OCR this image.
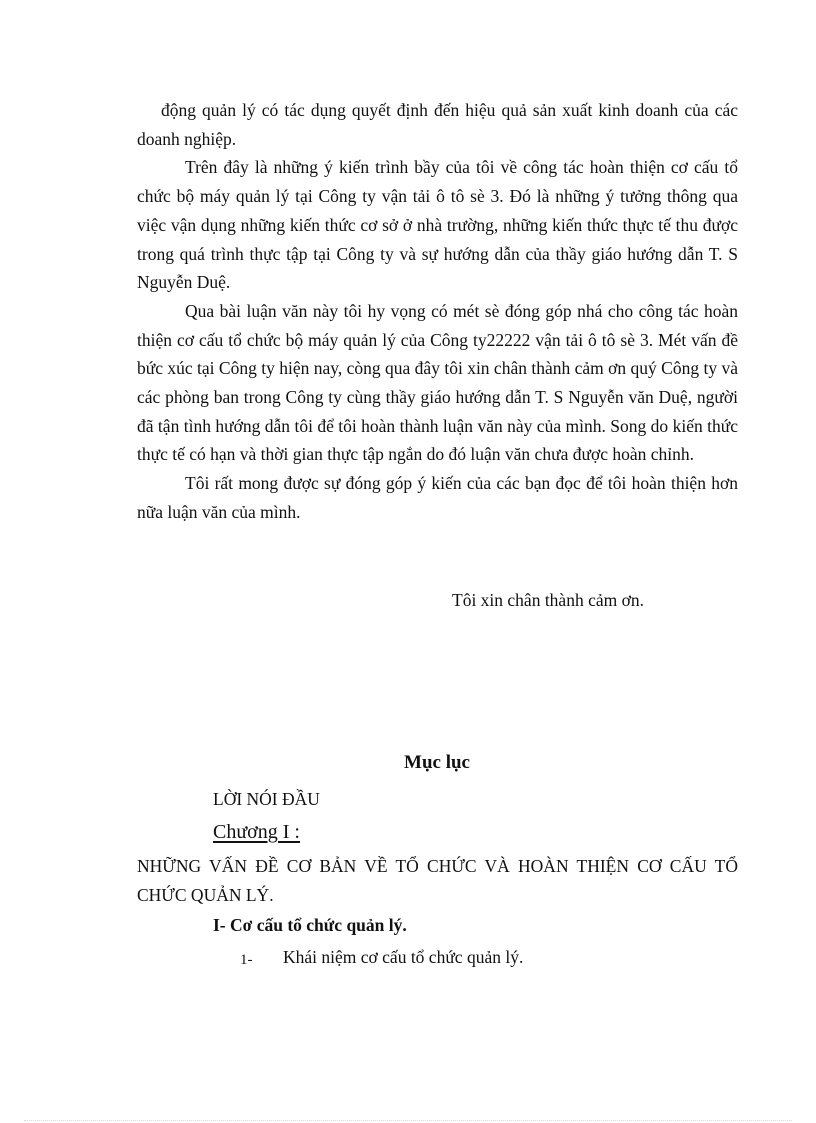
động quản lý có tác dụng quyết định đến hiệu quả sản xuất kinh doanh của các doanh nghiệp.

Trên đây là những ý kiến trình bầy của tôi về công tác hoàn thiện cơ cấu tổ chức bộ máy quản lý tại Công ty vận tải ô tô sè 3. Đó là những ý tưởng thông qua việc vận dụng những kiến thức cơ sở ở nhà trường, những kiến thức thực tế thu được trong quá trình thực tập tại Công ty và sự hướng dẫn của thầy giáo hướng dẫn T. S Nguyễn Duệ.

Qua bài luận văn này tôi hy vọng có mét sè đóng góp nhá cho công tác hoàn thiện cơ cấu tổ chức bộ máy quản lý của Công ty22222 vận tải ô tô sè 3. Mét vấn đề bức xúc tại Công ty hiện nay, còng qua đây tôi xin chân thành cảm ơn quý Công ty và các phòng ban trong Công ty cùng thầy giáo hướng dẫn T. S Nguyễn văn Duệ, người đã tận tình hướng dẫn tôi để tôi hoàn thành luận văn này của mình. Song do kiến thức thực tế có hạn và thời gian thực tập ngắn do đó luận văn chưa được hoàn chỉnh.

Tôi rất mong được sự đóng góp ý kiến của các bạn đọc để tôi hoàn thiện hơn nữa luận văn của mình.

Tôi xin chân thành cảm ơn.
Mục lục
LỜI NÓI ĐẦU
Chương I :
NHỮNG VẤN ĐỀ CƠ BẢN VỀ TỔ CHỨC VÀ HOÀN THIỆN CƠ CẤU TỔ CHỨC QUẢN LÝ.
I- Cơ cấu tổ chức quản lý.
1- Khái niệm cơ cấu tổ chức quản lý.
